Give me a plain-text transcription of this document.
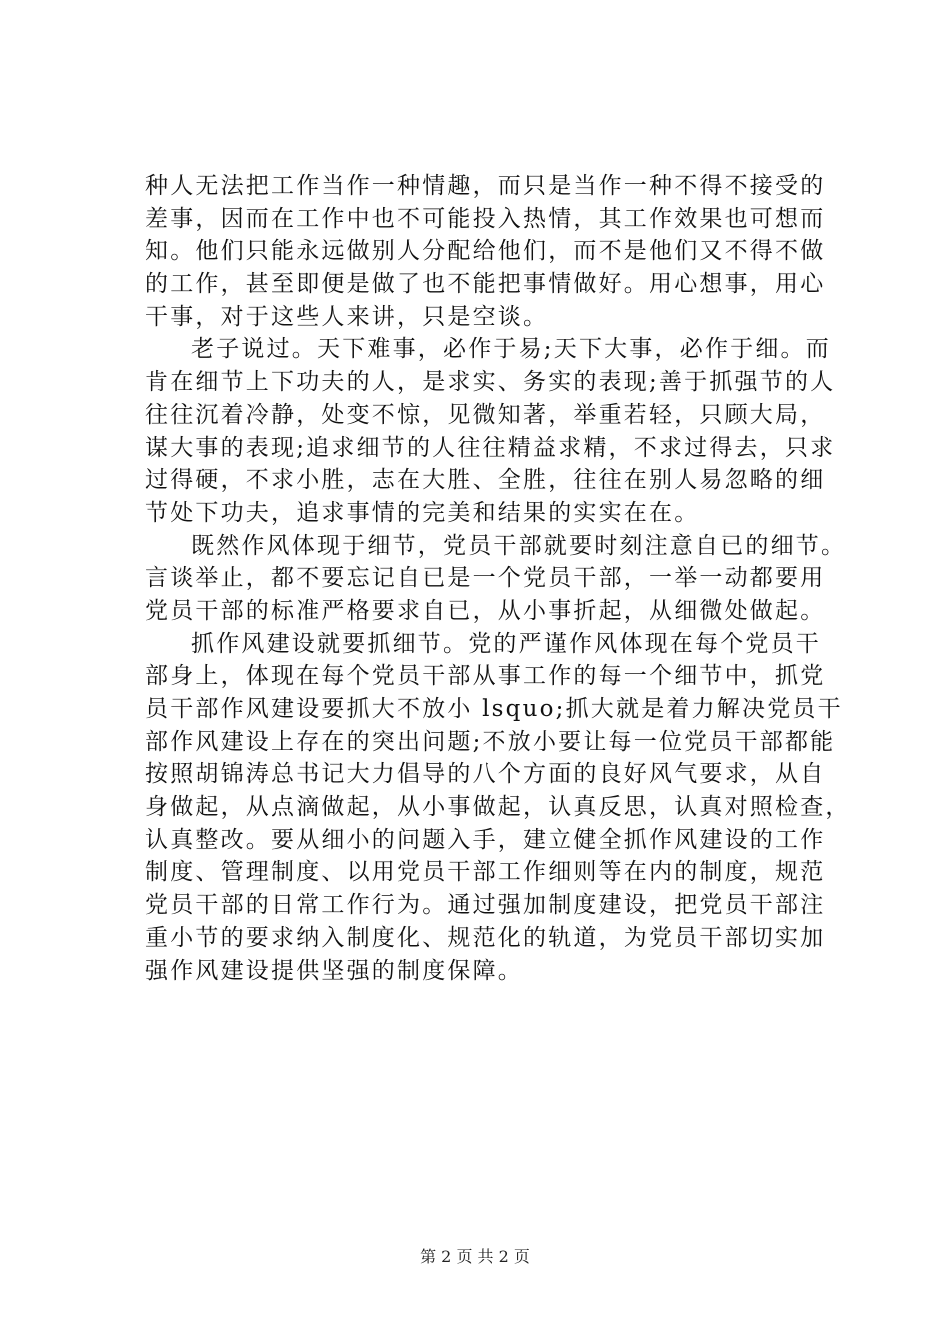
种人无法把工作当作一种情趣，而只是当作一种不得不接受的
差事，因而在工作中也不可能投入热情，其工作效果也可想而
知。他们只能永远做别人分配给他们，而不是他们又不得不做
的工作，甚至即便是做了也不能把事情做好。用心想事，用心
干事，对于这些人来讲，只是空谈。
老子说过。天下难事，必作于易;天下大事，必作于细。而
肯在细节上下功夫的人，是求实、务实的表现;善于抓强节的人
往往沉着冷静，处变不惊，见微知著，举重若轻，只顾大局，
谋大事的表现;追求细节的人往往精益求精，不求过得去，只求
过得硬，不求小胜，志在大胜、全胜，往往在别人易忽略的细
节处下功夫，追求事情的完美和结果的实实在在。
既然作风体现于细节，党员干部就要时刻注意自已的细节。
言谈举止，都不要忘记自已是一个党员干部，一举一动都要用
党员干部的标准严格要求自已，从小事折起，从细微处做起。
抓作风建设就要抓细节。党的严谨作风体现在每个党员干
部身上，体现在每个党员干部从事工作的每一个细节中，抓党
员干部作风建设要抓大不放小 lsquo;抓大就是着力解决党员干
部作风建设上存在的突出问题;不放小要让每一位党员干部都能
按照胡锦涛总书记大力倡导的八个方面的良好风气要求，从自
身做起，从点滴做起，从小事做起，认真反思，认真对照检查，
认真整改。要从细小的问题入手，建立健全抓作风建设的工作
制度、管理制度、以用党员干部工作细则等在内的制度，规范
党员干部的日常工作行为。通过强加制度建设，把党员干部注
重小节的要求纳入制度化、规范化的轨道，为党员干部切实加
强作风建设提供坚强的制度保障。
第 2 页 共 2 页
